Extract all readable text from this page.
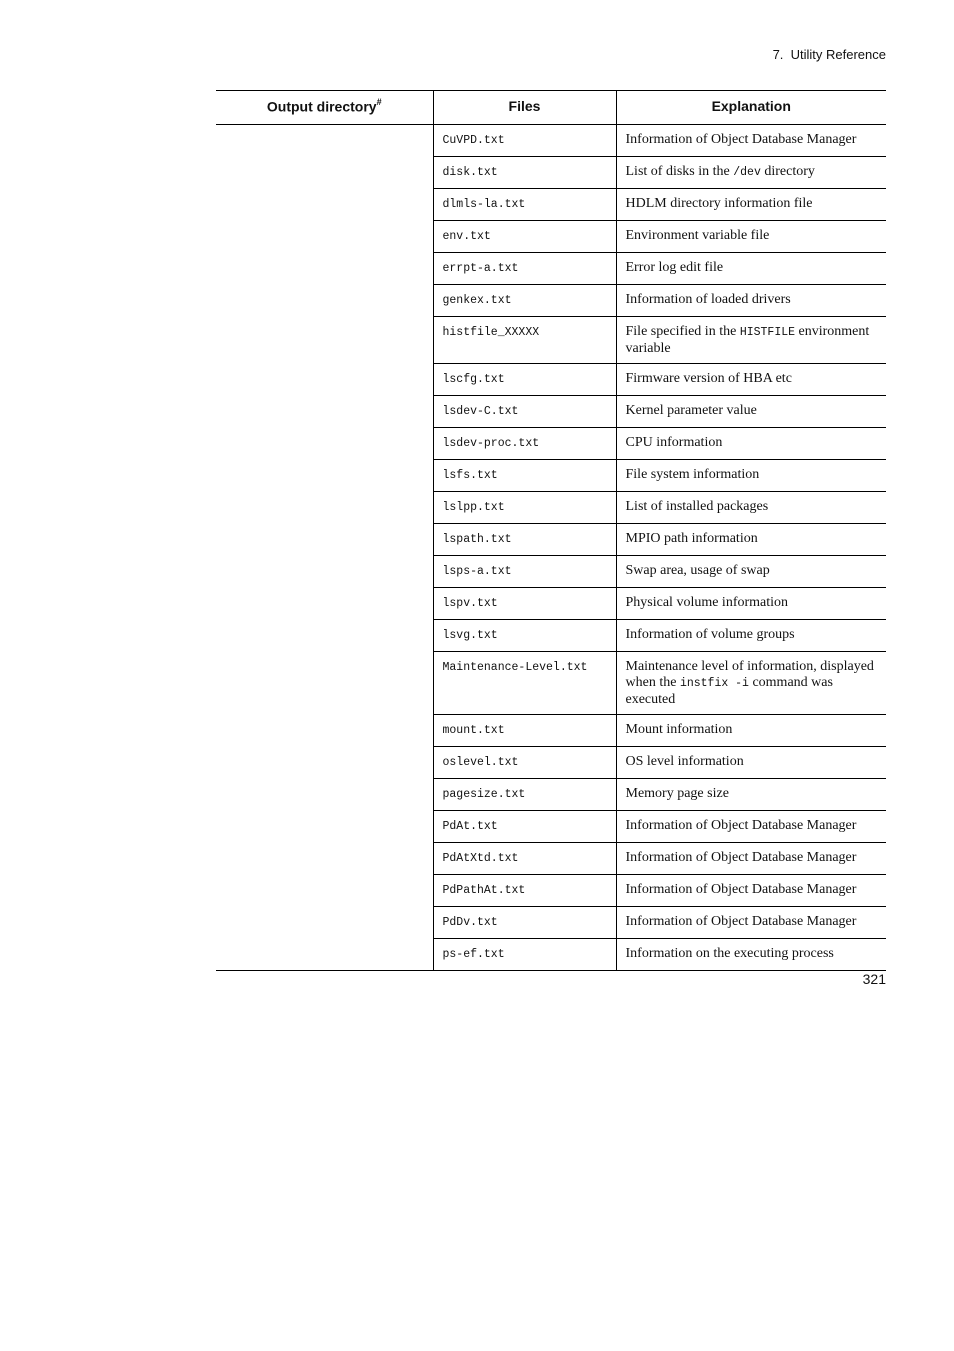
7.  Utility Reference
Output directory#	Files	Explanation
	CuVPD.txt	Information of Object Database Manager
	disk.txt	List of disks in the /dev directory
	dlmls-la.txt	HDLM directory information file
	env.txt	Environment variable file
	errpt-a.txt	Error log edit file
	genkex.txt	Information of loaded drivers
	histfile_XXXXX	File specified in the HISTFILE environment variable
	lscfg.txt	Firmware version of HBA etc
	lsdev-C.txt	Kernel parameter value
	lsdev-proc.txt	CPU information
	lsfs.txt	File system information
	lslpp.txt	List of installed packages
	lspath.txt	MPIO path information
	lsps-a.txt	Swap area, usage of swap
	lspv.txt	Physical volume information
	lsvg.txt	Information of volume groups
	Maintenance-Level.txt	Maintenance level of information, displayed when the instfix -i command was executed
	mount.txt	Mount information
	oslevel.txt	OS level information
	pagesize.txt	Memory page size
	PdAt.txt	Information of Object Database Manager
	PdAtXtd.txt	Information of Object Database Manager
	PdPathAt.txt	Information of Object Database Manager
	PdDv.txt	Information of Object Database Manager
	ps-ef.txt	Information on the executing process
321
